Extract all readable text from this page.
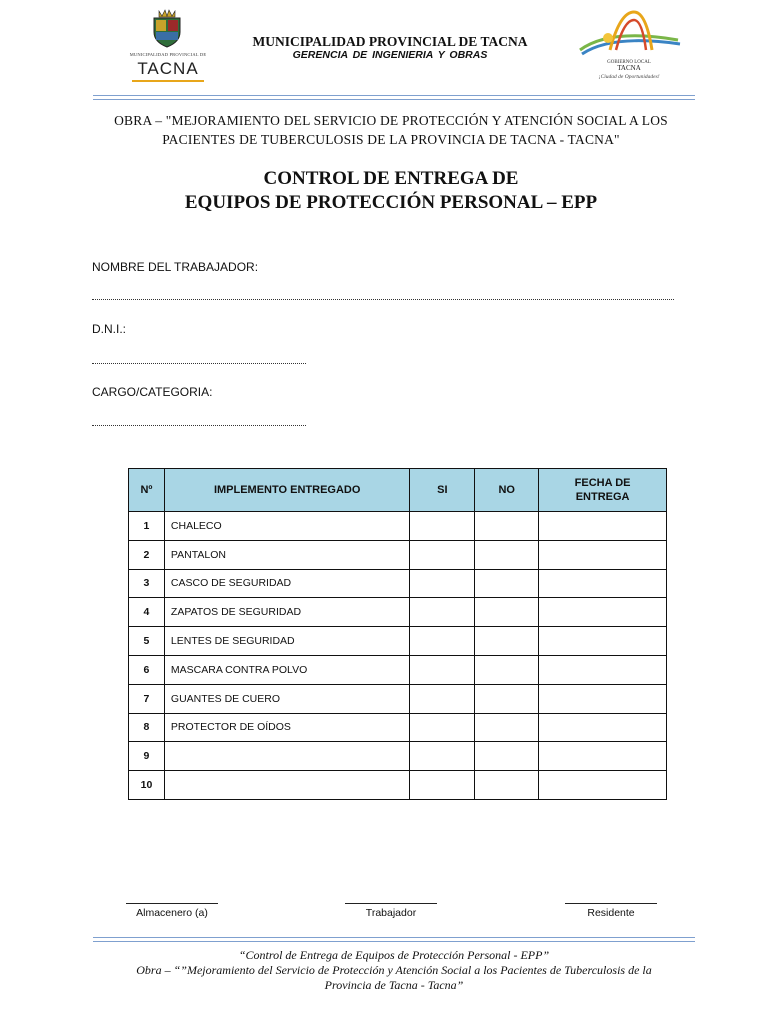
MUNICIPALIDAD PROVINCIAL DE
TACNA
MUNICIPALIDAD PROVINCIAL DE TACNA
GERENCIA DE INGENIERIA Y OBRAS
GOBIERNO LOCAL
TACNA
¡Ciudad de Oportunidades!
OBRA – "MEJORAMIENTO DEL SERVICIO DE PROTECCIÓN Y ATENCIÓN SOCIAL A LOS
PACIENTES DE TUBERCULOSIS DE LA PROVINCIA DE TACNA - TACNA"
CONTROL DE ENTREGA DE
EQUIPOS DE PROTECCIÓN PERSONAL – EPP
NOMBRE DEL TRABAJADOR:
D.N.I.:
CARGO/CATEGORIA:
Nº	IMPLEMENTO ENTREGADO	SI	NO	FECHA DE
ENTREGA

1	CHALECO			
2	PANTALON			
3	CASCO DE SEGURIDAD			
4	ZAPATOS DE SEGURIDAD			
5	LENTES DE SEGURIDAD			
6	MASCARA CONTRA POLVO			
7	GUANTES DE CUERO			
8	PROTECTOR DE OÍDOS			
9				
10				
Almacenero (a)	Trabajador	Residente
“Control de Entrega de Equipos de Protección Personal - EPP”
Obra – “”Mejoramiento del Servicio de Protección y Atención Social a los Pacientes de Tuberculosis de la
Provincia de Tacna - Tacna”
